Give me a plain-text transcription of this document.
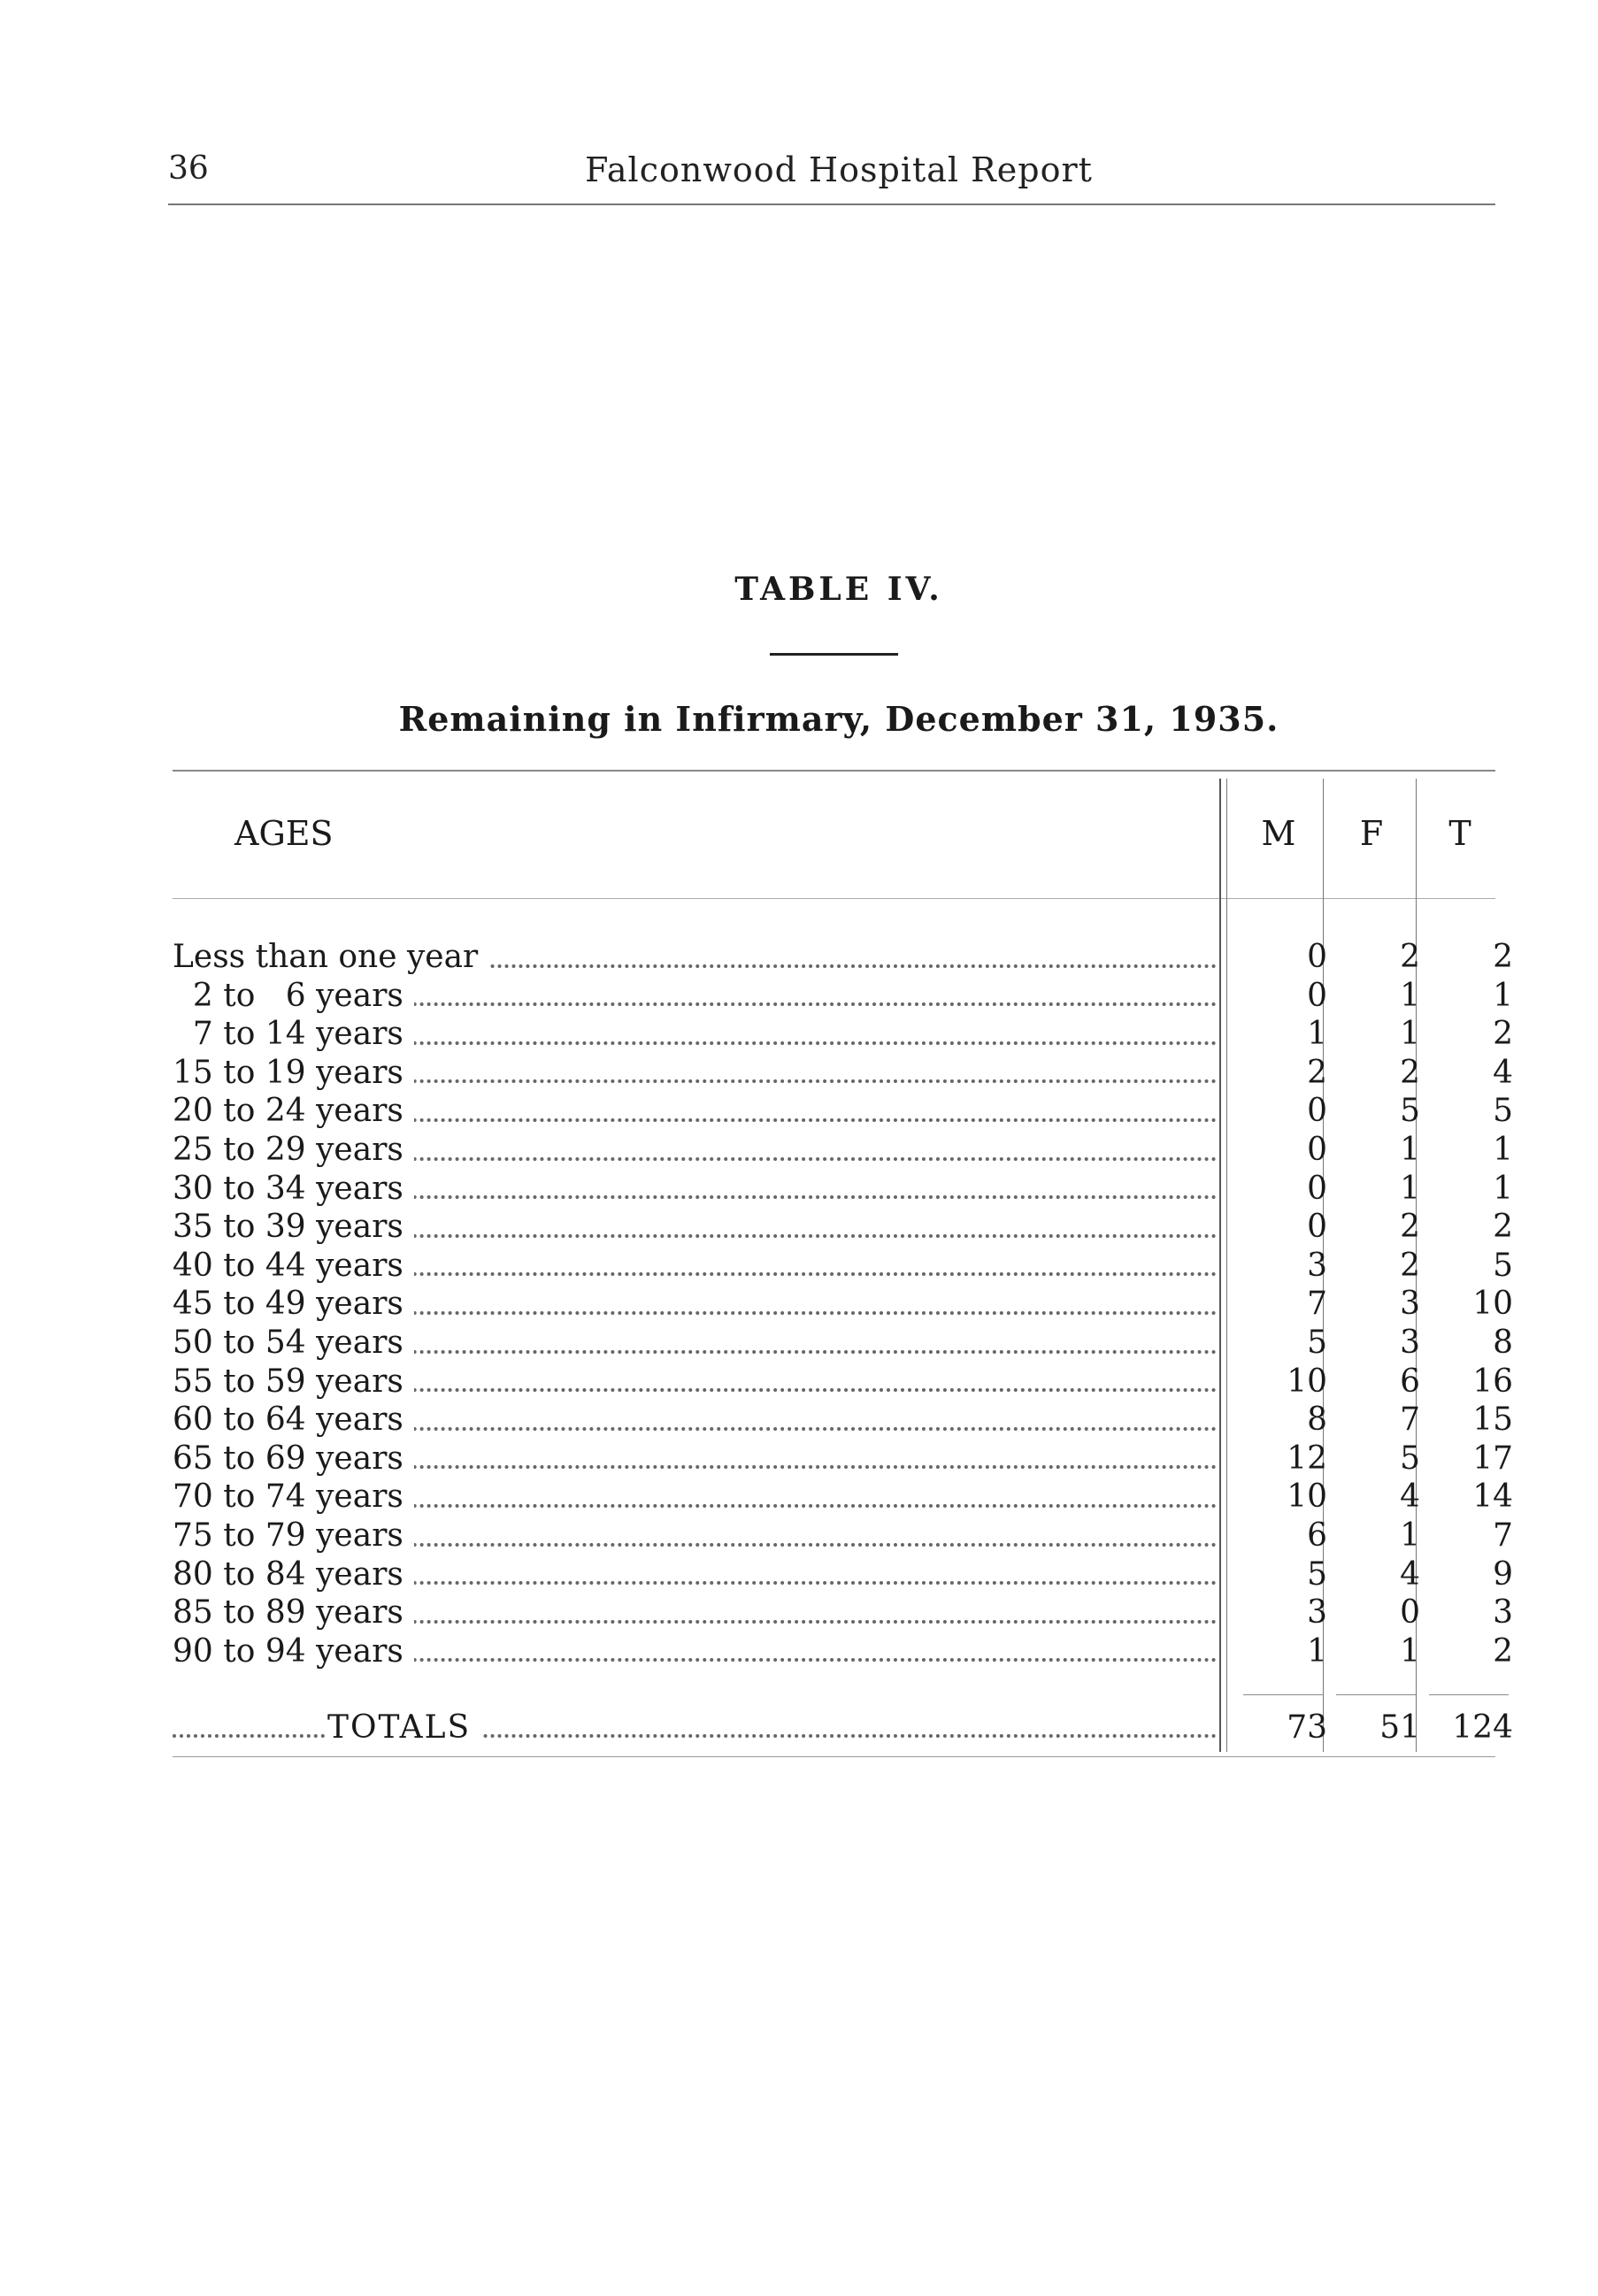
36	Falconwood Hospital Report
TABLE IV.
Remaining in Infirmary, December 31, 1935.
AGES	M	F	T
Less than one year	0	2	2
 2 to  6 years	0	1	1
 7 to 14 years	1	1	2
15 to 19 years	2	2	4
20 to 24 years	0	5	5
25 to 29 years	0	1	1
30 to 34 years	0	1	1
35 to 39 years	0	2	2
40 to 44 years	3	2	5
45 to 49 years	7	3	10
50 to 54 years	5	3	8
55 to 59 years	10	6	16
60 to 64 years	8	7	15
65 to 69 years	12	5	17
70 to 74 years	10	4	14
75 to 79 years	6	1	7
80 to 84 years	5	4	9
85 to 89 years	3	0	3
90 to 94 years	1	1	2
TOTALS	73	51	124
